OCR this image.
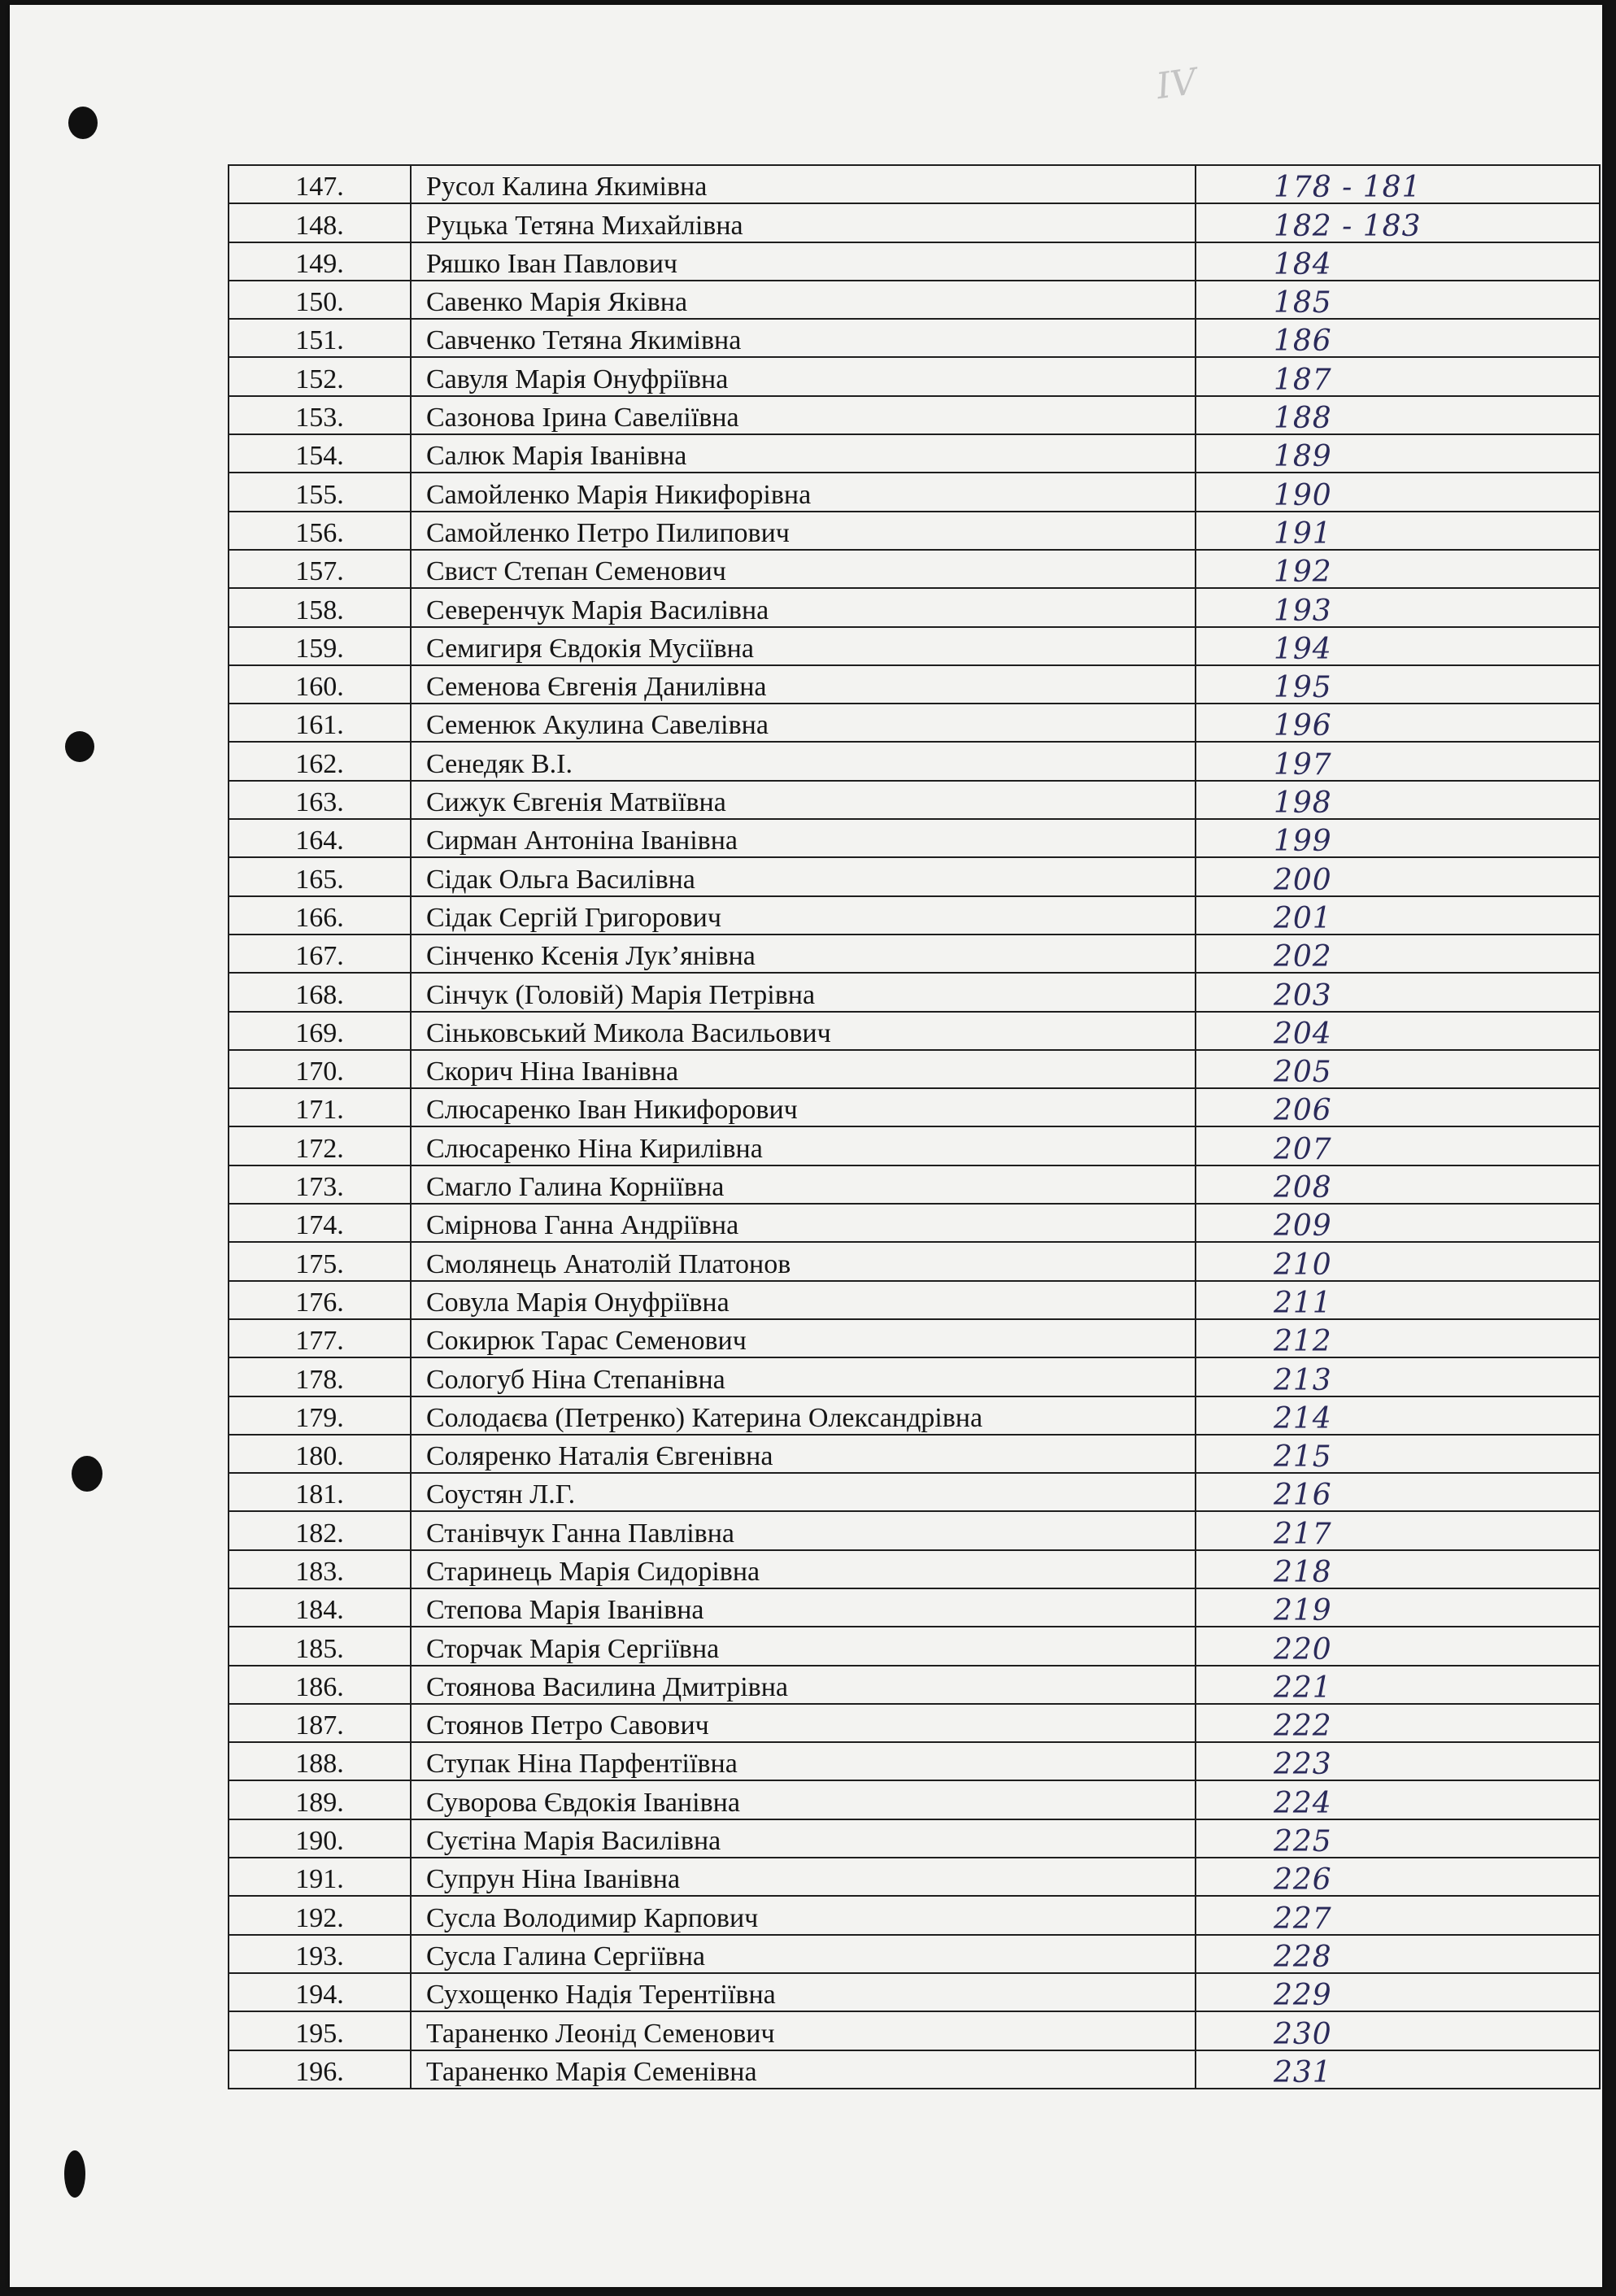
IV
147.	Русол Калина Якимівна	178 - 181
148.	Руцька Тетяна Михайлівна	182 - 183
149.	Ряшко Іван Павлович	184
150.	Савенко Марія Яківна	185
151.	Савченко Тетяна Якимівна	186
152.	Савуля Марія Онуфріївна	187
153.	Сазонова Ірина Савеліївна	188
154.	Салюк Марія Іванівна	189
155.	Самойленко Марія Никифорівна	190
156.	Самойленко Петро Пилипович	191
157.	Свист Степан Семенович	192
158.	Северенчук Марія Василівна	193
159.	Семигиря Євдокія Мусіївна	194
160.	Семенова Євгенія Данилівна	195
161.	Семенюк Акулина Савелівна	196
162.	Сенедяк В.І.	197
163.	Сижук Євгенія Матвіївна	198
164.	Сирман Антоніна Іванівна	199
165.	Сідак Ольга Василівна	200
166.	Сідак Сергій Григорович	201
167.	Сінченко Ксенія Лук’янівна	202
168.	Сінчук (Головій) Марія Петрівна	203
169.	Сіньковський Микола Васильович	204
170.	Скорич Ніна Іванівна	205
171.	Слюсаренко Іван Никифорович	206
172.	Слюсаренко Ніна Кирилівна	207
173.	Смагло Галина Корніївна	208
174.	Смірнова Ганна Андріївна	209
175.	Смолянець Анатолій Платонов	210
176.	Совула Марія Онуфріївна	211
177.	Сокирюк Тарас Семенович	212
178.	Сологуб Ніна Степанівна	213
179.	Солодаєва (Петренко) Катерина Олександрівна	214
180.	Соляренко Наталія Євгенівна	215
181.	Соустян Л.Г.	216
182.	Станівчук Ганна Павлівна	217
183.	Старинець Марія Сидорівна	218
184.	Степова Марія Іванівна	219
185.	Сторчак Марія Сергіївна	220
186.	Стоянова Василина Дмитрівна	221
187.	Стоянов Петро Савович	222
188.	Ступак Ніна Парфентіївна	223
189.	Суворова Євдокія Іванівна	224
190.	Суєтіна Марія Василівна	225
191.	Супрун Ніна Іванівна	226
192.	Сусла Володимир Карпович	227
193.	Сусла Галина Сергіївна	228
194.	Сухощенко Надія Терентіївна	229
195.	Тараненко Леонід Семенович	230
196.	Тараненко Марія Семенівна	231
